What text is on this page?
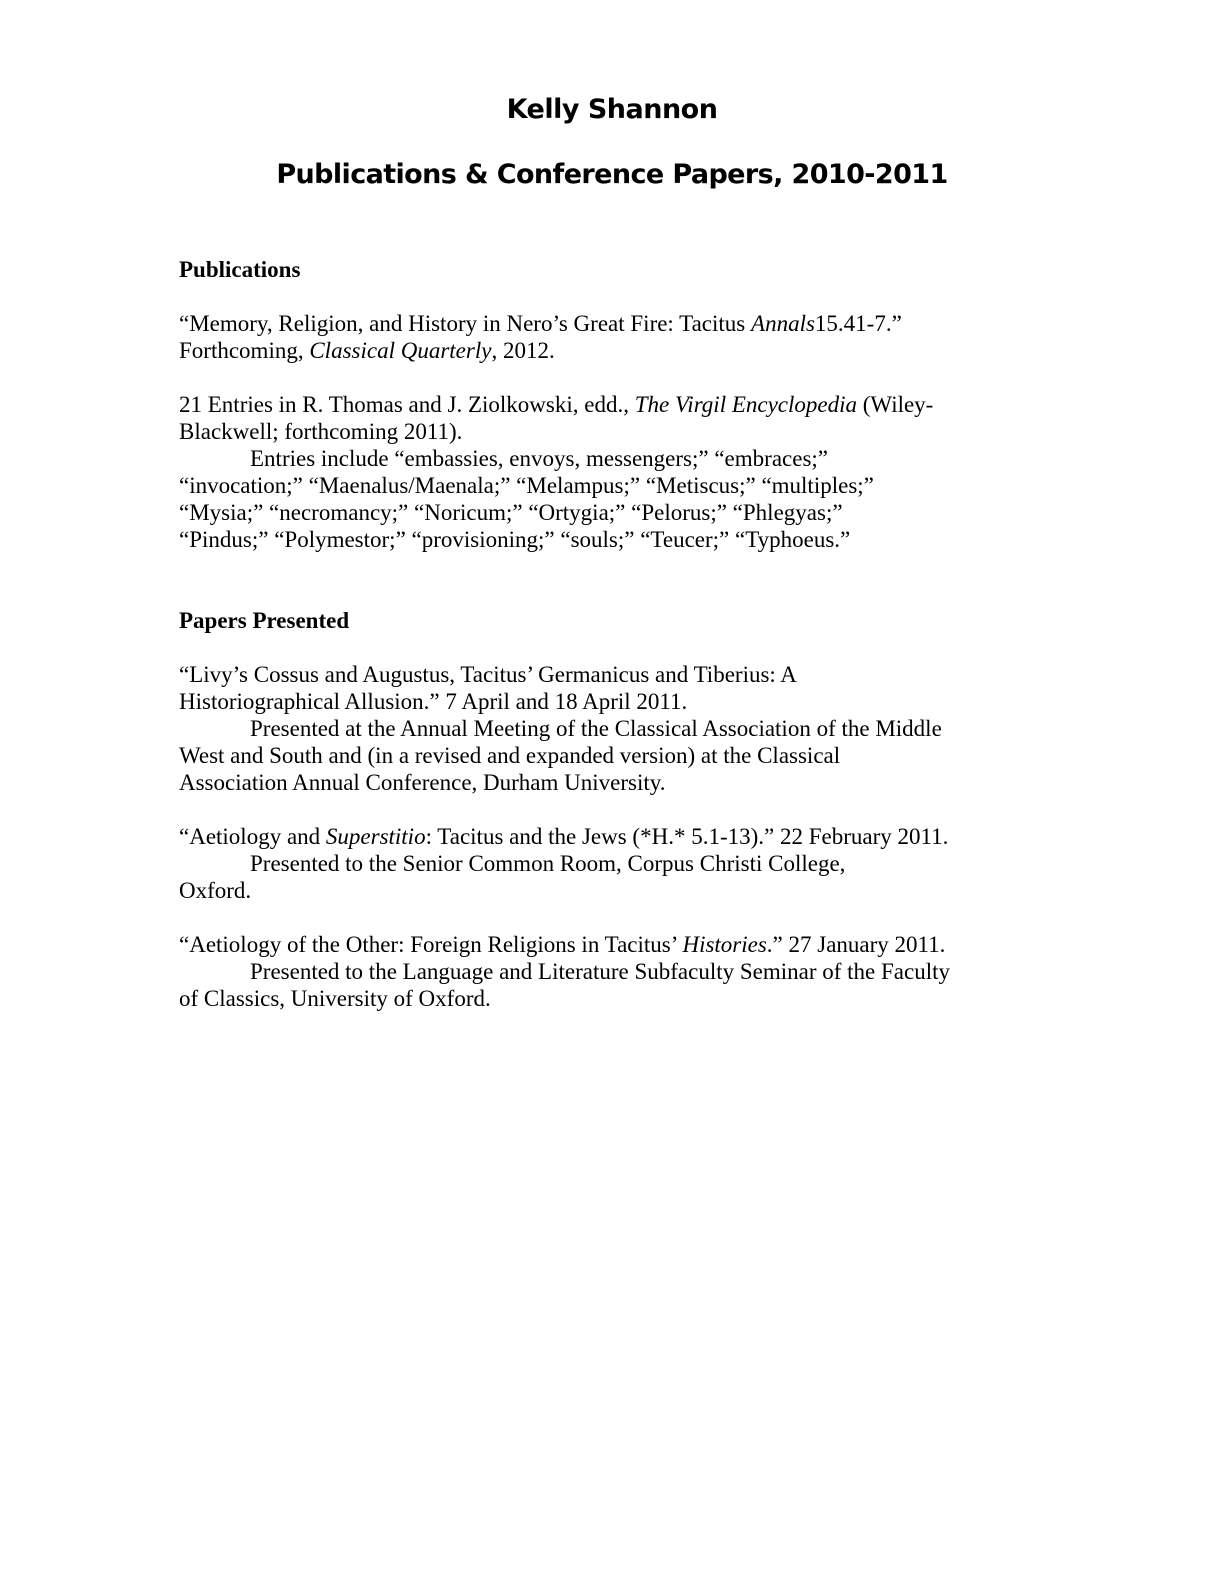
Kelly Shannon
Publications & Conference Papers, 2010-2011
Publications
“Memory, Religion, and History in Nero’s Great Fire: Tacitus Annals15.41-7.”
Forthcoming, Classical Quarterly, 2012.
21 Entries in R. Thomas and J. Ziolkowski, edd., The Virgil Encyclopedia (Wiley-
Blackwell; forthcoming 2011).
Entries include “embassies, envoys, messengers;” “embraces;”
“invocation;” “Maenalus/Maenala;” “Melampus;” “Metiscus;” “multiples;”
“Mysia;” “necromancy;” “Noricum;” “Ortygia;” “Pelorus;” “Phlegyas;”
“Pindus;” “Polymestor;” “provisioning;” “souls;” “Teucer;” “Typhoeus.”
Papers Presented
“Livy’s Cossus and Augustus, Tacitus’ Germanicus and Tiberius: A
Historiographical Allusion.” 7 April and 18 April 2011.
Presented at the Annual Meeting of the Classical Association of the Middle
West and South and (in a revised and expanded version) at the Classical
Association Annual Conference, Durham University.
“Aetiology and Superstitio: Tacitus and the Jews (*H.* 5.1-13).” 22 February 2011.
Presented to the Senior Common Room, Corpus Christi College,
Oxford.
“Aetiology of the Other: Foreign Religions in Tacitus’ Histories.” 27 January 2011.
Presented to the Language and Literature Subfaculty Seminar of the Faculty
of Classics, University of Oxford.
